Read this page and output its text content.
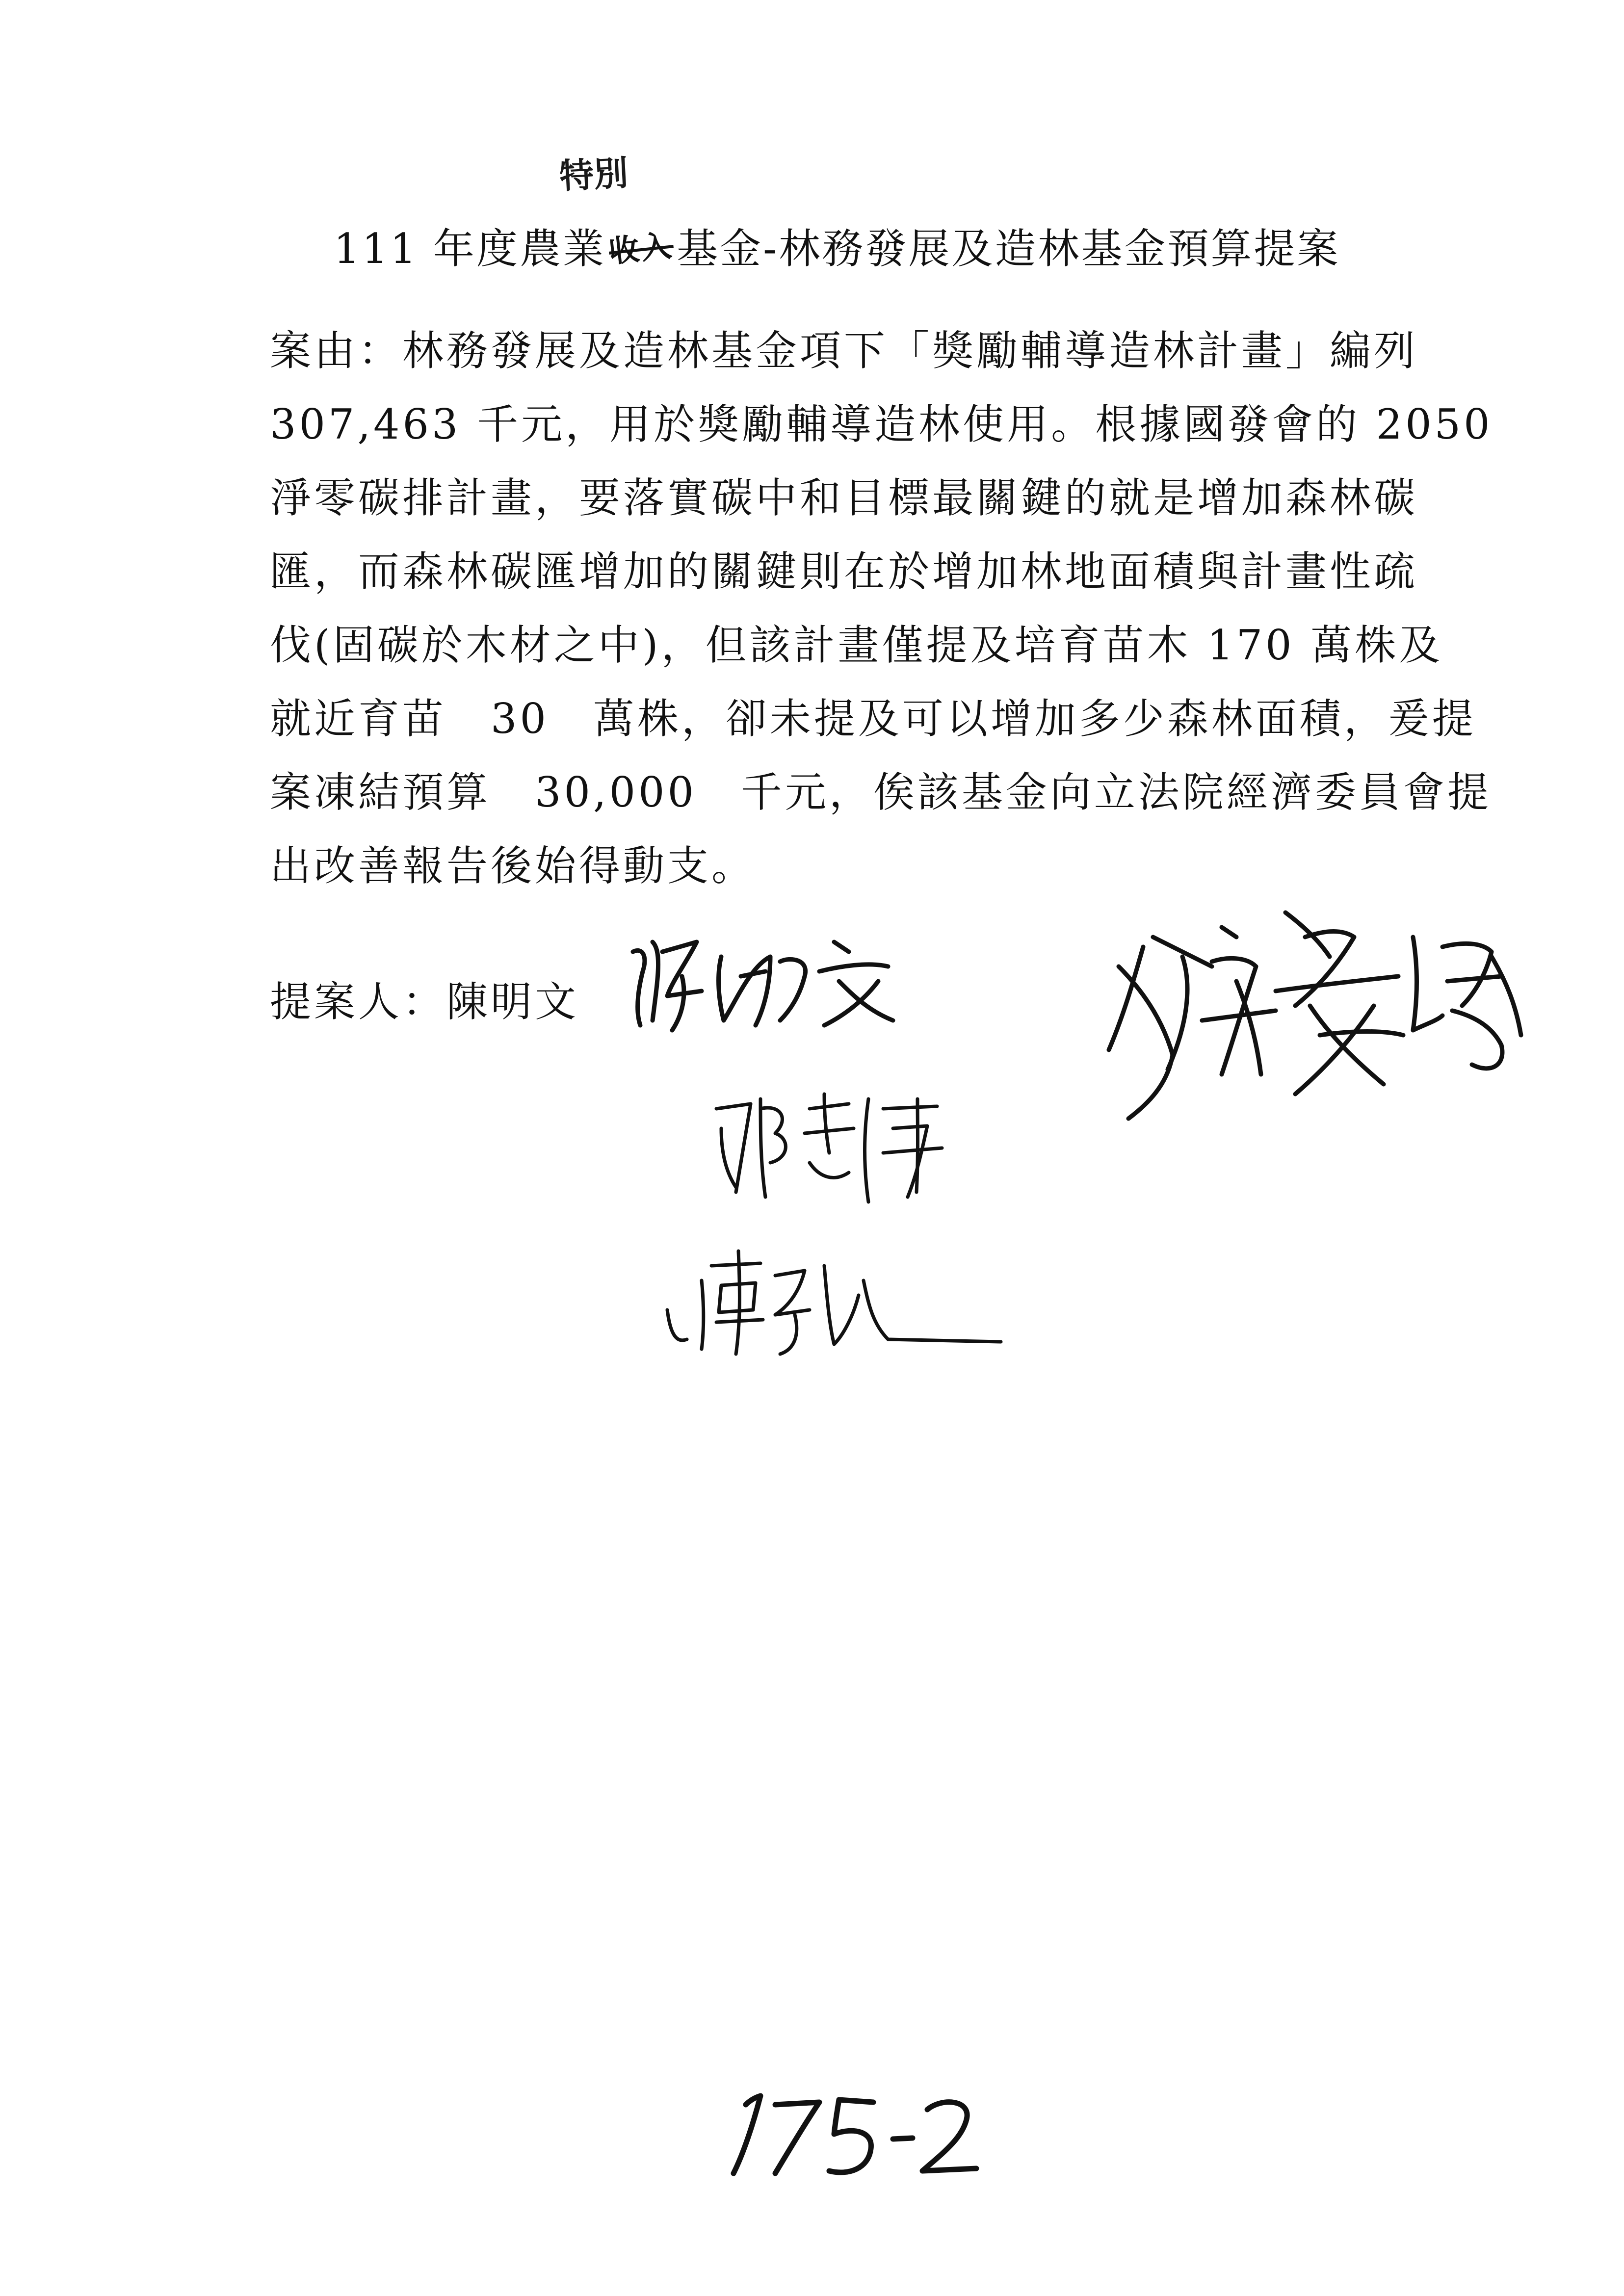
特別
111 年度農業收入基金-林務發展及造林基金預算提案
案由：林務發展及造林基金項下「獎勵輔導造林計畫」編列
307,463 千元，用於獎勵輔導造林使用。根據國發會的 2050
淨零碳排計畫，要落實碳中和目標最關鍵的就是增加森林碳
匯，而森林碳匯增加的關鍵則在於增加林地面積與計畫性疏
伐(固碳於木材之中)，但該計畫僅提及培育苗木 170 萬株及
就近育苗　30　萬株，卻未提及可以增加多少森林面積，爰提
案凍結預算　30,000　千元，俟該基金向立法院經濟委員會提
出改善報告後始得動支。
提案人：陳明文
